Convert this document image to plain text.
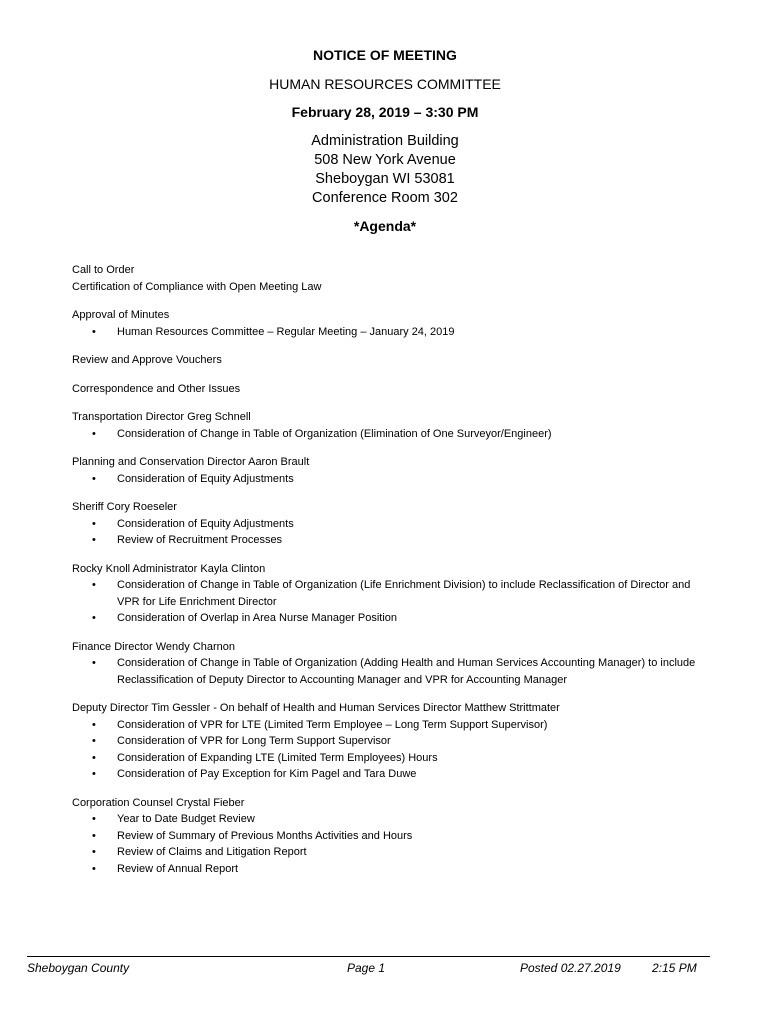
NOTICE OF MEETING
HUMAN RESOURCES COMMITTEE
February 28, 2019 – 3:30 PM
Administration Building
508 New York Avenue
Sheboygan WI 53081
Conference Room 302
*Agenda*
Call to Order
Certification of Compliance with Open Meeting Law
Approval of Minutes
• Human Resources Committee – Regular Meeting – January 24, 2019
Review and Approve Vouchers
Correspondence and Other Issues
Transportation Director Greg Schnell
• Consideration of Change in Table of Organization (Elimination of One Surveyor/Engineer)
Planning and Conservation Director Aaron Brault
• Consideration of Equity Adjustments
Sheriff Cory Roeseler
• Consideration of Equity Adjustments
• Review of Recruitment Processes
Rocky Knoll Administrator Kayla Clinton
• Consideration of Change in Table of Organization (Life Enrichment Division) to include Reclassification of Director and VPR for Life Enrichment Director
• Consideration of Overlap in Area Nurse Manager Position
Finance Director Wendy Charnon
• Consideration of Change in Table of Organization (Adding Health and Human Services Accounting Manager) to include Reclassification of Deputy Director to Accounting Manager and VPR for Accounting Manager
Deputy Director Tim Gessler - On behalf of Health and Human Services Director Matthew Strittmater
• Consideration of VPR for LTE (Limited Term Employee – Long Term Support Supervisor)
• Consideration of VPR for Long Term Support Supervisor
• Consideration of Expanding LTE (Limited Term Employees) Hours
• Consideration of Pay Exception for Kim Pagel and Tara Duwe
Corporation Counsel Crystal Fieber
• Year to Date Budget Review
• Review of Summary of Previous Months Activities and Hours
• Review of Claims and Litigation Report
• Review of Annual Report
Sheboygan County	Page 1	Posted 02.27.2019	2:15 PM
